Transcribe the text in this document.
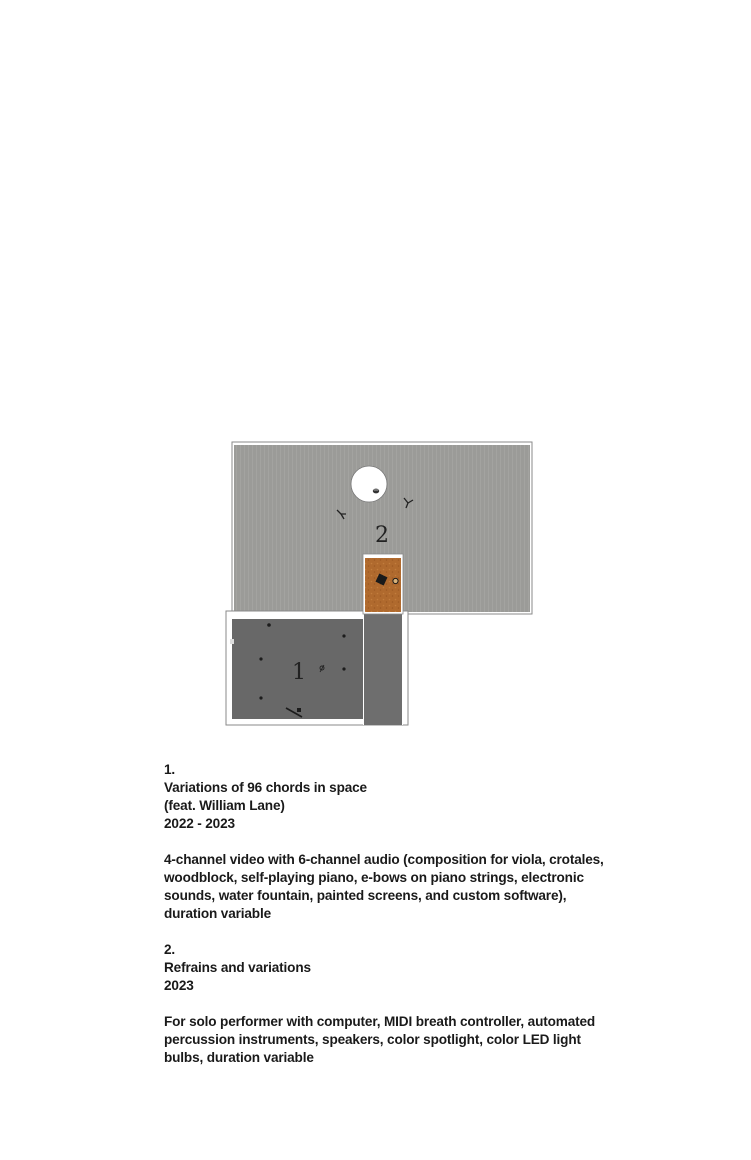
2
1
1.
Variations of 96 chords in space
(feat. William Lane)
2022 - 2023
4-channel video with 6-channel audio (composition for viola, crotales, woodblock, self-playing piano, e-bows on piano strings, electronic sounds, water fountain, painted screens, and custom software), duration variable
2.
Refrains and variations
2023
For solo performer with computer, MIDI breath controller, automated percussion instruments, speakers, color spotlight, color LED light bulbs, duration variable
